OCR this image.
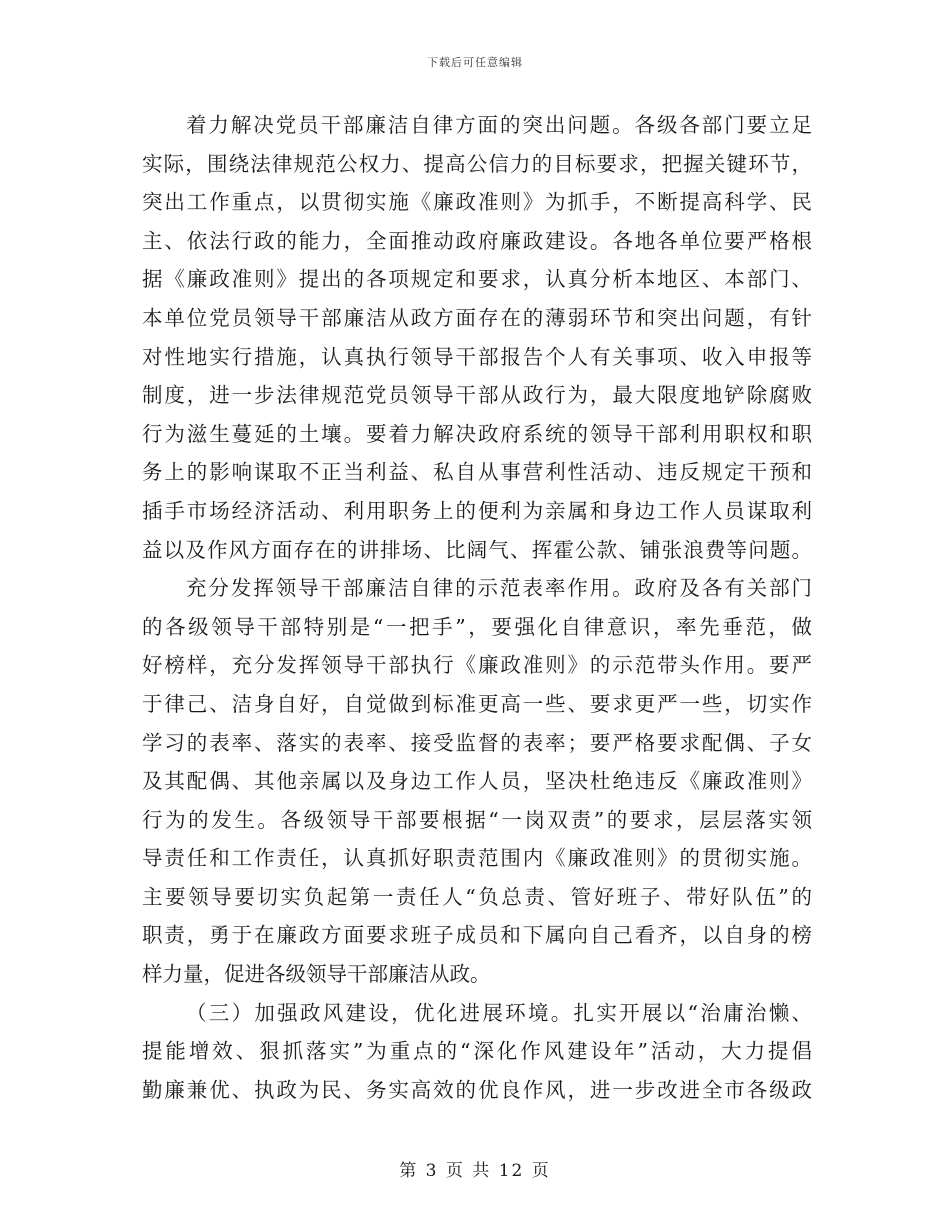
下载后可任意编辑
着力解决党员干部廉洁自律方面的突出问题。各级各部门要立足
实际，围绕法律规范公权力、提高公信力的目标要求，把握关键环节，
突出工作重点，以贯彻实施《廉政准则》为抓手，不断提高科学、民
主、依法行政的能力，全面推动政府廉政建设。各地各单位要严格根
据《廉政准则》提出的各项规定和要求，认真分析本地区、本部门、
本单位党员领导干部廉洁从政方面存在的薄弱环节和突出问题，有针
对性地实行措施，认真执行领导干部报告个人有关事项、收入申报等
制度，进一步法律规范党员领导干部从政行为，最大限度地铲除腐败
行为滋生蔓延的土壤。要着力解决政府系统的领导干部利用职权和职
务上的影响谋取不正当利益、私自从事营利性活动、违反规定干预和
插手市场经济活动、利用职务上的便利为亲属和身边工作人员谋取利
益以及作风方面存在的讲排场、比阔气、挥霍公款、铺张浪费等问题。
充分发挥领导干部廉洁自律的示范表率作用。政府及各有关部门
的各级领导干部特别是“一把手”，要强化自律意识，率先垂范，做
好榜样，充分发挥领导干部执行《廉政准则》的示范带头作用。要严
于律己、洁身自好，自觉做到标准更高一些、要求更严一些，切实作
学习的表率、落实的表率、接受监督的表率；要严格要求配偶、子女
及其配偶、其他亲属以及身边工作人员，坚决杜绝违反《廉政准则》
行为的发生。各级领导干部要根据“一岗双责”的要求，层层落实领
导责任和工作责任，认真抓好职责范围内《廉政准则》的贯彻实施。
主要领导要切实负起第一责任人“负总责、管好班子、带好队伍”的
职责，勇于在廉政方面要求班子成员和下属向自己看齐，以自身的榜
样力量，促进各级领导干部廉洁从政。
（三）加强政风建设，优化进展环境。扎实开展以“治庸治懒、
提能增效、狠抓落实”为重点的“深化作风建设年”活动，大力提倡
勤廉兼优、执政为民、务实高效的优良作风，进一步改进全市各级政
第 3 页 共 12 页
